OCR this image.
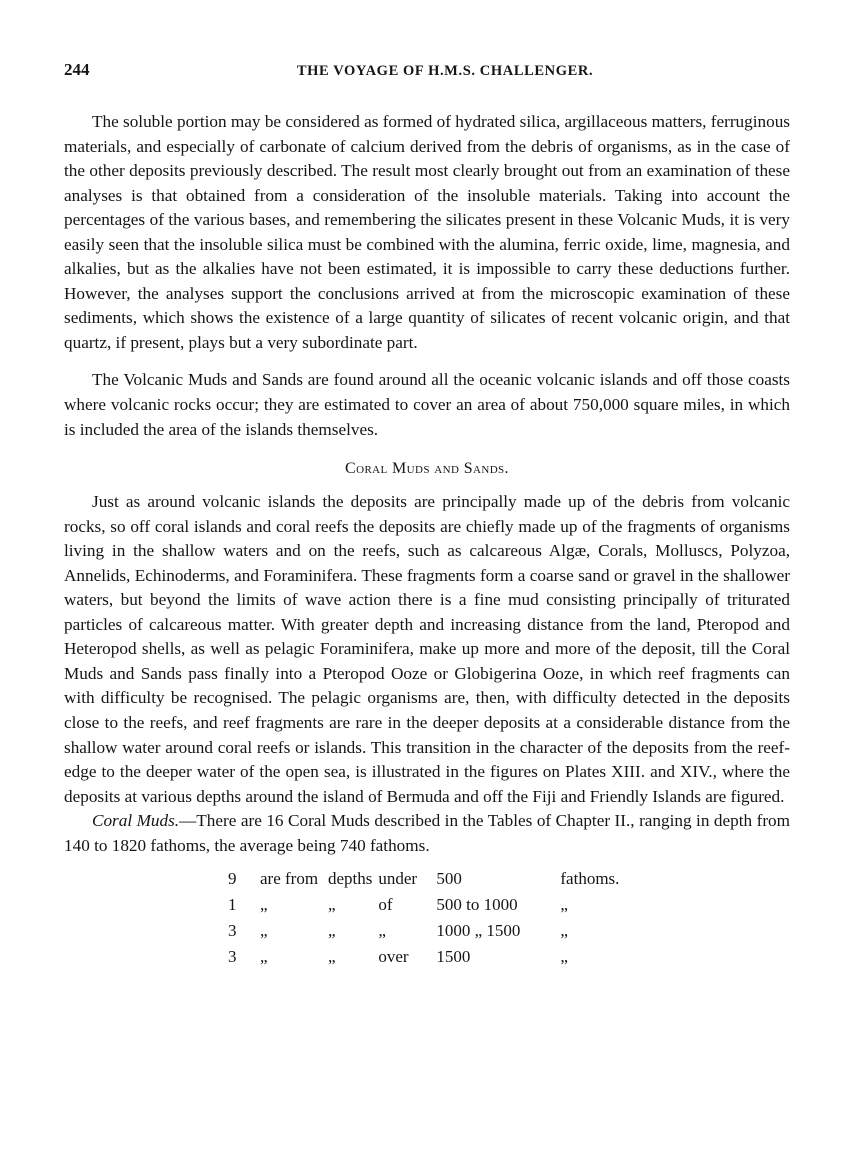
244	THE VOYAGE OF H.M.S. CHALLENGER.

The soluble portion may be considered as formed of hydrated silica, argillaceous matters, ferruginous materials, and especially of carbonate of calcium derived from the debris of organisms, as in the case of the other deposits previously described. The result most clearly brought out from an examination of these analyses is that obtained from a consideration of the insoluble materials. Taking into account the percentages of the various bases, and remembering the silicates present in these Volcanic Muds, it is very easily seen that the insoluble silica must be combined with the alumina, ferric oxide, lime, magnesia, and alkalies, but as the alkalies have not been estimated, it is impossible to carry these deductions further. However, the analyses support the conclusions arrived at from the microscopic examination of these sediments, which shows the existence of a large quantity of silicates of recent volcanic origin, and that quartz, if present, plays but a very subordinate part.

The Volcanic Muds and Sands are found around all the oceanic volcanic islands and off those coasts where volcanic rocks occur; they are estimated to cover an area of about 750,000 square miles, in which is included the area of the islands themselves.

Coral Muds and Sands.

Just as around volcanic islands the deposits are principally made up of the debris from volcanic rocks, so off coral islands and coral reefs the deposits are chiefly made up of the fragments of organisms living in the shallow waters and on the reefs, such as calcareous Algæ, Corals, Molluscs, Polyzoa, Annelids, Echinoderms, and Foraminifera. These fragments form a coarse sand or gravel in the shallower waters, but beyond the limits of wave action there is a fine mud consisting principally of triturated particles of calcareous matter. With greater depth and increasing distance from the land, Pteropod and Heteropod shells, as well as pelagic Foraminifera, make up more and more of the deposit, till the Coral Muds and Sands pass finally into a Pteropod Ooze or Globigerina Ooze, in which reef fragments can with difficulty be recognised. The pelagic organisms are, then, with difficulty detected in the deposits close to the reefs, and reef fragments are rare in the deeper deposits at a considerable distance from the shallow water around coral reefs or islands. This transition in the character of the deposits from the reef-edge to the deeper water of the open sea, is illustrated in the figures on Plates XIII. and XIV., where the deposits at various depths around the island of Bermuda and off the Fiji and Friendly Islands are figured.

Coral Muds.—There are 16 Coral Muds described in the Tables of Chapter II., ranging in depth from 140 to 1820 fathoms, the average being 740 fathoms.

9	are from	depths	under	500	fathoms.
1	„	„	of	500 to 1000	„
3	„	„	„	1000 „ 1500	„
3	„	„	over	1500	„
